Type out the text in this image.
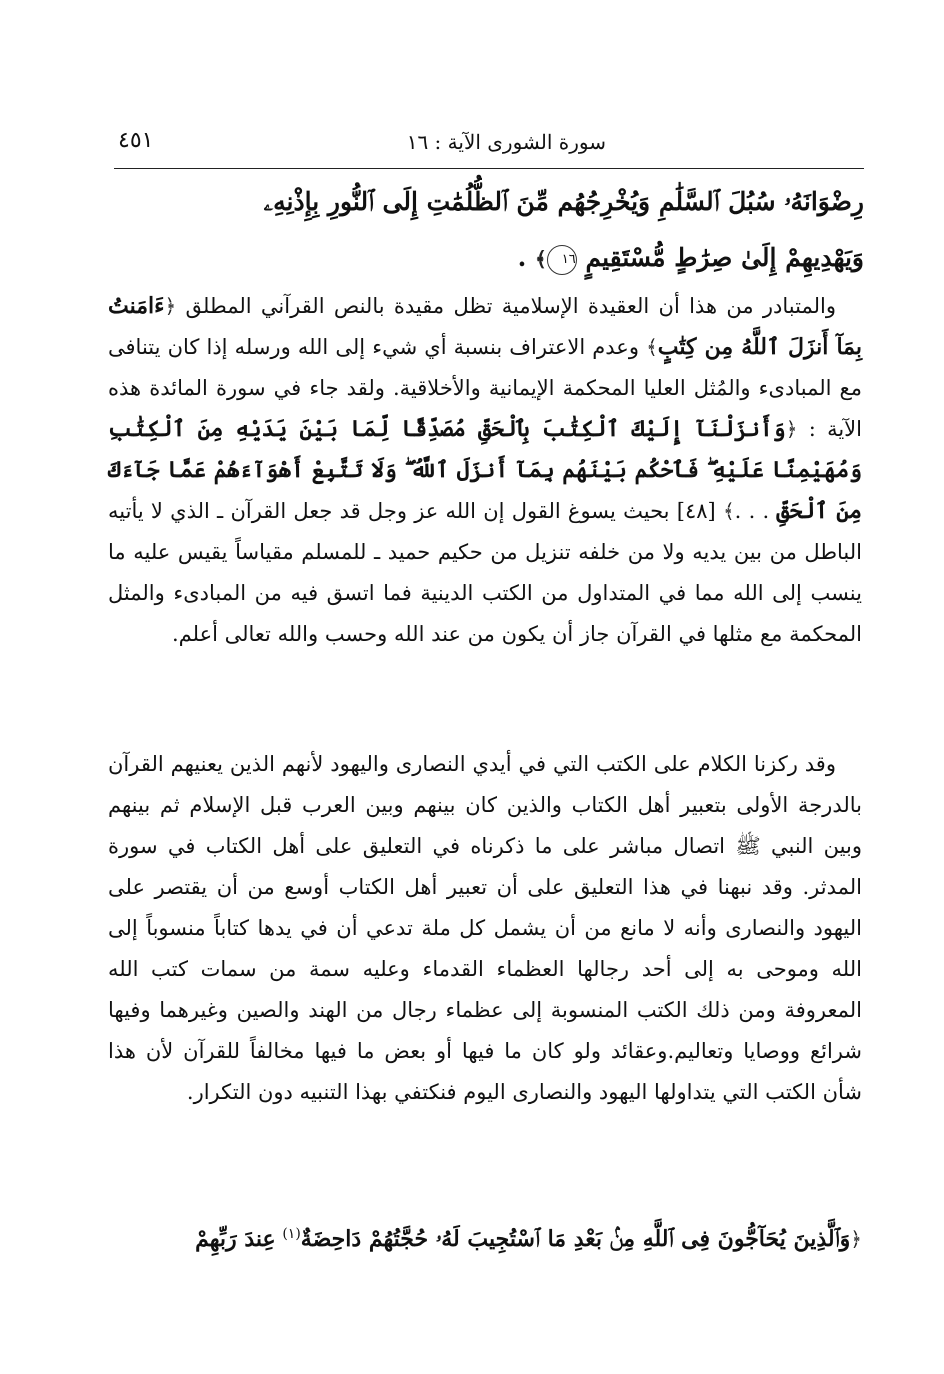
سورة الشورى الآية : ١٦
٤٥١
رِضْوَانَهُۥ سُبُلَ ٱلسَّلَٰمِ وَيُخْرِجُهُم مِّنَ ٱلظُّلُمَٰتِ إِلَى ٱلنُّورِ بِإِذْنِهِۦ
وَيَهْدِيهِمْ إِلَىٰ صِرَٰطٍ مُّسْتَقِيمٍ ١٦﴾ .
والمتبادر من هذا أن العقيدة الإسلامية تظل مقيدة بالنص القرآني المطلق ﴿ءَامَنتُ بِمَآ أَنزَلَ ٱللَّهُ مِن كِتَٰبٍ﴾ وعدم الاعتراف بنسبة أي شيء إلى الله ورسله إذا كان يتنافى مع المبادىء والمُثل العليا المحكمة الإيمانية والأخلاقية. ولقد جاء في سورة المائدة هذه الآية : ﴿وَأَنزَلْنَآ إِلَيْكَ ٱلْكِتَٰبَ بِٱلْحَقِّ مُصَدِّقًا لِّمَا بَيْنَ يَدَيْهِ مِنَ ٱلْكِتَٰبِ وَمُهَيْمِنًا عَلَيْهِ ۖ فَٱحْكُم بَيْنَهُم بِمَآ أَنزَلَ ٱللَّهُ ۖ وَلَا تَتَّبِعْ أَهْوَآءَهُمْ عَمَّا جَآءَكَ مِنَ ٱلْحَقِّ . . .﴾ [٤٨] بحيث يسوغ القول إن الله عز وجل قد جعل القرآن ـ الذي لا يأتيه الباطل من بين يديه ولا من خلفه تنزيل من حكيم حميد ـ للمسلم مقياساً يقيس عليه ما ينسب إلى الله مما في المتداول من الكتب الدينية فما اتسق فيه من المبادىء والمثل المحكمة مع مثلها في القرآن جاز أن يكون من عند الله وحسب والله تعالى أعلم.
وقد ركزنا الكلام على الكتب التي في أيدي النصارى واليهود لأنهم الذين يعنيهم القرآن بالدرجة الأولى بتعبير أهل الكتاب والذين كان بينهم وبين العرب قبل الإسلام ثم بينهم وبين النبي ﷺ اتصال مباشر على ما ذكرناه في التعليق على أهل الكتاب في سورة المدثر. وقد نبهنا في هذا التعليق على أن تعبير أهل الكتاب أوسع من أن يقتصر على اليهود والنصارى وأنه لا مانع من أن يشمل كل ملة تدعي أن في يدها كتاباً منسوباً إلى الله وموحى به إلى أحد رجالها العظماء القدماء وعليه سمة من سمات كتب الله المعروفة ومن ذلك الكتب المنسوبة إلى عظماء رجال من الهند والصين وغيرهما وفيها شرائع ووصايا وتعاليم.وعقائد ولو كان ما فيها أو بعض ما فيها مخالفاً للقرآن لأن هذا شأن الكتب التي يتداولها اليهود والنصارى اليوم فنكتفي بهذا التنبيه دون التكرار.
﴿وَٱلَّذِينَ يُحَآجُّونَ فِى ٱللَّهِ مِنۢ بَعْدِ مَا ٱسْتُجِيبَ لَهُۥ حُجَّتُهُمْ دَاحِضَةٌ$^{(١)}$ عِندَ رَبِّهِمْ
